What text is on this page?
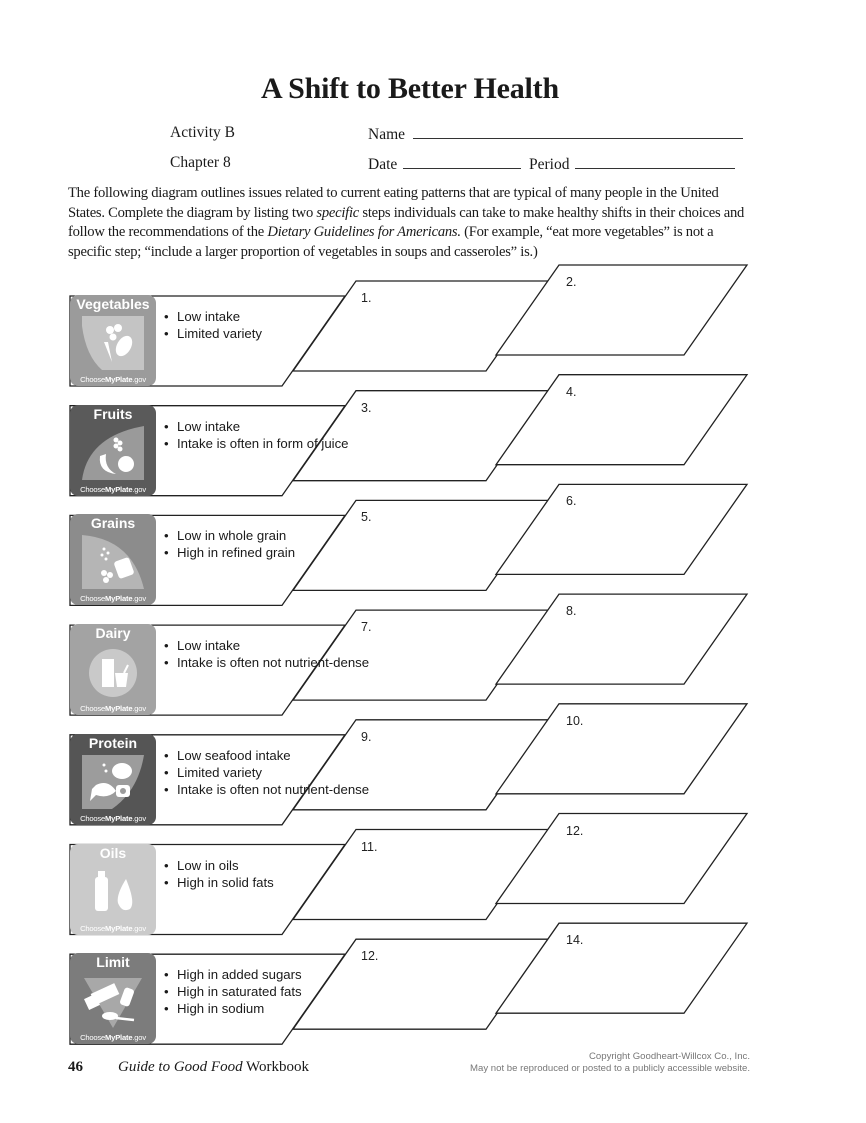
A Shift to Better Health
Activity B
Chapter 8
Name
Date	Period
The following diagram outlines issues related to current eating patterns that are typical of many people in the United States. Complete the diagram by listing two specific steps individuals can take to make healthy shifts in their choices and follow the recommendations of the Dietary Guidelines for Americans. (For example, “eat more vegetables” is not a specific step; “include a larger proportion of vegetables in soups and casseroles” is.)
Vegetables
ChooseMyPlate.gov
• Low intake
• Limited variety
1.
2.
Fruits
ChooseMyPlate.gov
• Low intake
• Intake is often in form of juice
3.
4.
Grains
ChooseMyPlate.gov
• Low in whole grain
• High in refined grain
5.
6.
Dairy
ChooseMyPlate.gov
• Low intake
• Intake is often not nutrient-dense
7.
8.
Protein
ChooseMyPlate.gov
• Low seafood intake
• Limited variety
• Intake is often not nutrient-dense
9.
10.
Oils
ChooseMyPlate.gov
• Low in oils
• High in solid fats
11.
12.
Limit
ChooseMyPlate.gov
• High in added sugars
• High in saturated fats
• High in sodium
12.
14.
46 Guide to Good Food Workbook
Copyright Goodheart-Willcox Co., Inc.
May not be reproduced or posted to a publicly accessible website.
